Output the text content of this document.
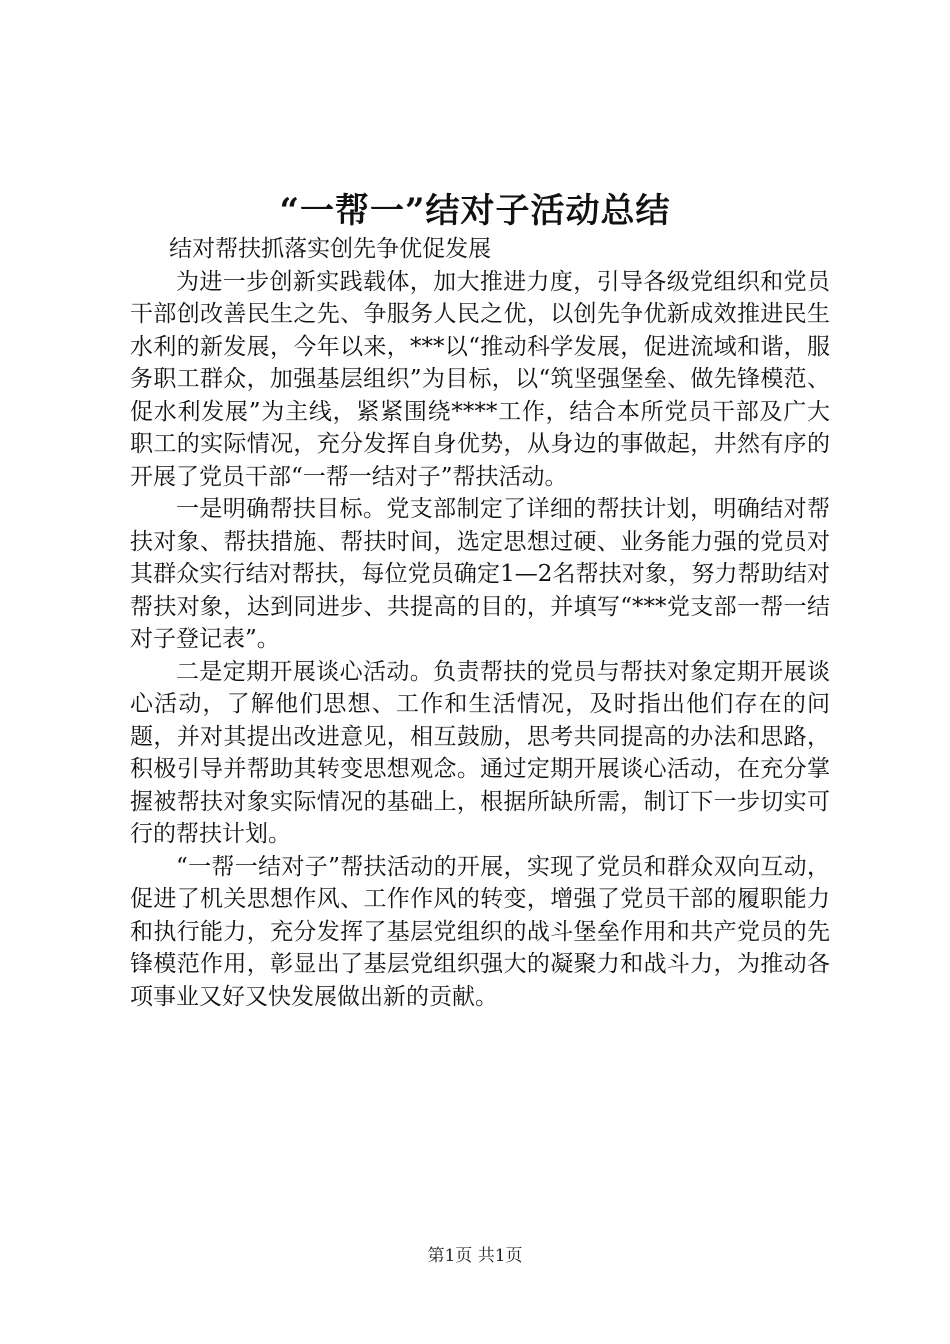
“一帮一”结对子活动总结

结对帮扶抓落实创先争优促发展

为进一步创新实践载体，加大推进力度，引导各级党组织和党员干部创改善民生之先、争服务人民之优，以创先争优新成效推进民生水利的新发展，今年以来，***以“推动科学发展，促进流域和谐，服务职工群众，加强基层组织”为目标，以“筑坚强堡垒、做先锋模范、促水利发展”为主线，紧紧围绕****工作，结合本所党员干部及广大职工的实际情况，充分发挥自身优势，从身边的事做起，井然有序的开展了党员干部“一帮一结对子”帮扶活动。

一是明确帮扶目标。党支部制定了详细的帮扶计划，明确结对帮扶对象、帮扶措施、帮扶时间，选定思想过硬、业务能力强的党员对其群众实行结对帮扶，每位党员确定1—2名帮扶对象，努力帮助结对帮扶对象，达到同进步、共提高的目的，并填写“***党支部一帮一结对子登记表”。

二是定期开展谈心活动。负责帮扶的党员与帮扶对象定期开展谈心活动，了解他们思想、工作和生活情况，及时指出他们存在的问题，并对其提出改进意见，相互鼓励，思考共同提高的办法和思路，积极引导并帮助其转变思想观念。通过定期开展谈心活动，在充分掌握被帮扶对象实际情况的基础上，根据所缺所需，制订下一步切实可行的帮扶计划。

“一帮一结对子”帮扶活动的开展，实现了党员和群众双向互动，促进了机关思想作风、工作作风的转变，增强了党员干部的履职能力和执行能力，充分发挥了基层党组织的战斗堡垒作用和共产党员的先锋模范作用，彰显出了基层党组织强大的凝聚力和战斗力，为推动各项事业又好又快发展做出新的贡献。

第1页 共1页
